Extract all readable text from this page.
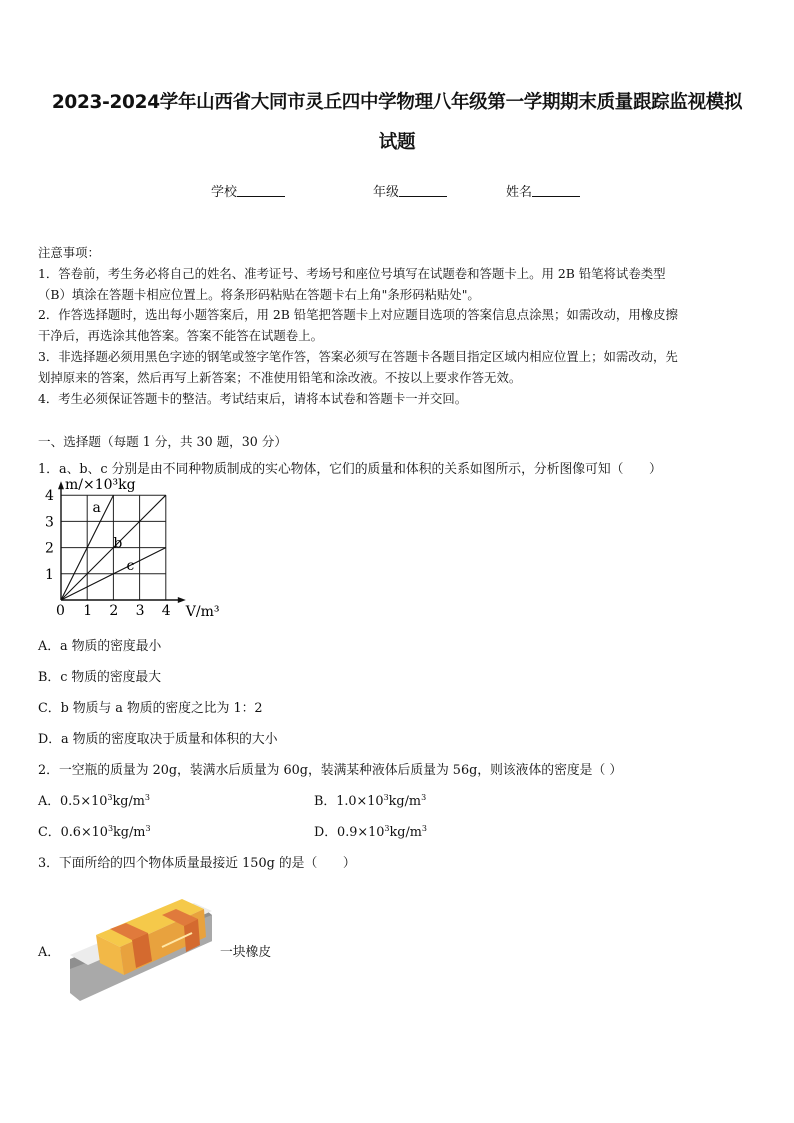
2023-2024学年山西省大同市灵丘四中学物理八年级第一学期期末质量跟踪监视模拟
试题
学校	年级	姓名

注意事项：

1．答卷前，考生务必将自己的姓名、准考证号、考场号和座位号填写在试题卷和答题卡上。用 2B 铅笔将试卷类型

（B）填涂在答题卡相应位置上。将条形码粘贴在答题卡右上角"条形码粘贴处"。

2．作答选择题时，选出每小题答案后，用 2B 铅笔把答题卡上对应题目选项的答案信息点涂黑；如需改动，用橡皮擦

干净后，再选涂其他答案。答案不能答在试题卷上。

3．非选择题必须用黑色字迹的钢笔或签字笔作答，答案必须写在答题卡各题目指定区域内相应位置上；如需改动，先

划掉原来的答案，然后再写上新答案；不准使用铅笔和涂改液。不按以上要求作答无效。

4．考生必须保证答题卡的整洁。考试结束后，请将本试卷和答题卡一并交回。

一、选择题（每题 1 分，共 30 题，30 分）
1．a、b、c 分别是由不同种物质制成的实心物体，它们的质量和体积的关系如图所示，分析图像可知（　　）
1 2 3 4
1
2
3
4
0
m/×10³kg
V/m³
a
b
c
A．a 物质的密度最小
B．c 物质的密度最大
C．b 物质与 a 物质的密度之比为 1：2
D．a 物质的密度取决于质量和体积的大小
2．一空瓶的质量为 20g，装满水后质量为 60g，装满某种液体后质量为 56g，则该液体的密度是（ ）
A．$0.5\times 10^3kg/m^3$	B．$1.0\times 10^3kg/m^3$
C．$0.6\times 10^3kg/m^3$	D．$0.9\times 10^3kg/m^3$
3．下面所给的四个物体质量最接近 150g 的是（　　）
A．	一块橡皮
